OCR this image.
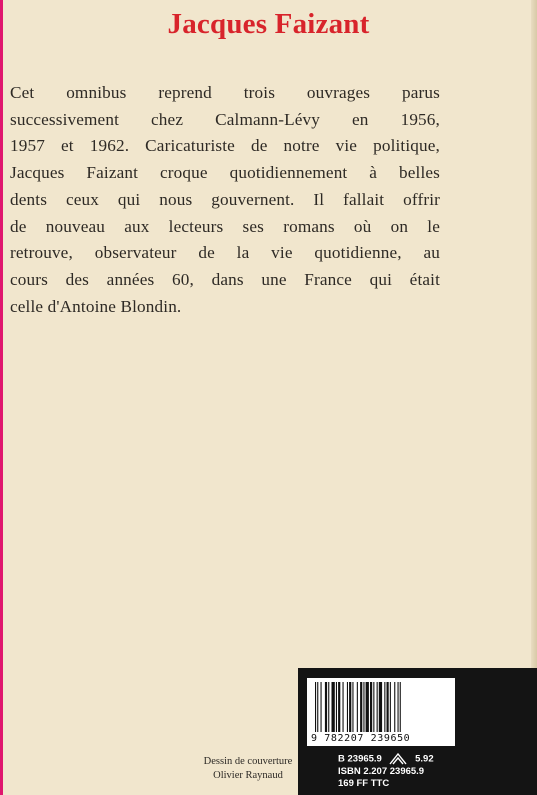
Jacques Faizant
Cet omnibus reprend trois ouvrages parus
successivement chez Calmann-Lévy en 1956,
1957 et 1962. Caricaturiste de notre vie politique,
Jacques Faizant croque quotidiennement à belles
dents ceux qui nous gouvernent. Il fallait offrir
de nouveau aux lecteurs ses romans où on le
retrouve, observateur de la vie quotidienne, au
cours des années 60, dans une France qui était
celle d'Antoine Blondin.
Dessin de couverture
Olivier Raynaud
9 782207 239650
B 23965.9	5.92
ISBN 2.207 23965.9
169 FF TTC
